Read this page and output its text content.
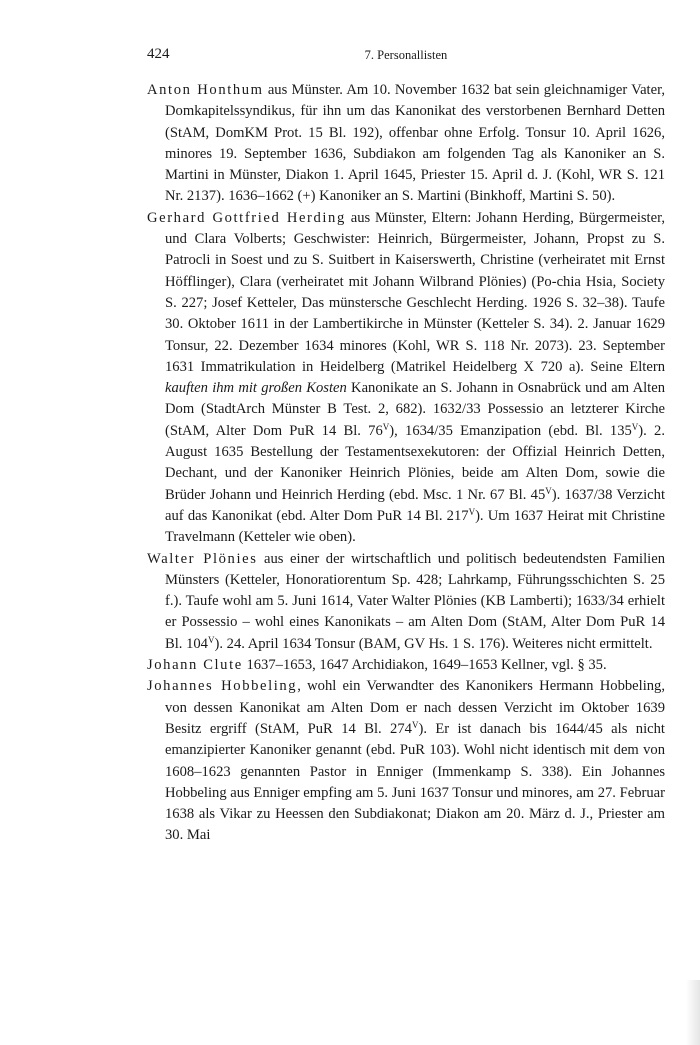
424	7. Personallisten

Anton Honthum aus Münster. Am 10. November 1632 bat sein gleichnamiger Vater, Domkapitelssyndikus, für ihn um das Kanonikat des verstorbenen Bernhard Detten (StAM, DomKM Prot. 15 Bl. 192), offenbar ohne Erfolg. Tonsur 10. April 1626, minores 19. September 1636, Subdiakon am folgenden Tag als Kanoniker an S. Martini in Münster, Diakon 1. April 1645, Priester 15. April d. J. (Kohl, WR S. 121 Nr. 2137). 1636–1662 (+) Kanoniker an S. Martini (Binkhoff, Martini S. 50).

Gerhard Gottfried Herding aus Münster, Eltern: Johann Herding, Bürgermeister, und Clara Volberts; Geschwister: Heinrich, Bürgermeister, Johann, Propst zu S. Patrocli in Soest und zu S. Suitbert in Kaiserswerth, Christine (verheiratet mit Ernst Höfflinger), Clara (verheiratet mit Johann Wilbrand Plönies) (Po-chia Hsia, Society S. 227; Josef Ketteler, Das münstersche Geschlecht Herding. 1926 S. 32–38). Taufe 30. Oktober 1611 in der Lambertikirche in Münster (Ketteler S. 34). 2. Januar 1629 Tonsur, 22. Dezember 1634 minores (Kohl, WR S. 118 Nr. 2073). 23. September 1631 Immatrikulation in Heidelberg (Matrikel Heidelberg X 720 a). Seine Eltern kauften ihm mit großen Kosten Kanonikate an S. Johann in Osnabrück und am Alten Dom (StadtArch Münster B Test. 2, 682). 1632/33 Possessio an letzterer Kirche (StAM, Alter Dom PuR 14 Bl. $76^V$), 1634/35 Emanzipation (ebd. Bl. $135^V$). 2. August 1635 Bestellung der Testamentsexekutoren: der Offizial Heinrich Detten, Dechant, und der Kanoniker Heinrich Plönies, beide am Alten Dom, sowie die Brüder Johann und Heinrich Herding (ebd. Msc. 1 Nr. 67 Bl. $45^V$). 1637/38 Verzicht auf das Kanonikat (ebd. Alter Dom PuR 14 Bl. $217^V$). Um 1637 Heirat mit Christine Travelmann (Ketteler wie oben).

Walter Plönies aus einer der wirtschaftlich und politisch bedeutendsten Familien Münsters (Ketteler, Honoratiorentum Sp. 428; Lahrkamp, Führungsschichten S. 25 f.). Taufe wohl am 5. Juni 1614, Vater Walter Plönies (KB Lamberti); 1633/34 erhielt er Possessio – wohl eines Kanonikats – am Alten Dom (StAM, Alter Dom PuR 14 Bl. $104^V$). 24. April 1634 Tonsur (BAM, GV Hs. 1 S. 176). Weiteres nicht ermittelt.

Johann Clute 1637–1653, 1647 Archidiakon, 1649–1653 Kellner, vgl. § 35.

Johannes Hobbeling, wohl ein Verwandter des Kanonikers Hermann Hobbeling, von dessen Kanonikat am Alten Dom er nach dessen Verzicht im Oktober 1639 Besitz ergriff (StAM, PuR 14 Bl. $274^V$). Er ist danach bis 1644/45 als nicht emanzipierter Kanoniker genannt (ebd. PuR 103). Wohl nicht identisch mit dem von 1608–1623 genannten Pastor in Enniger (Immenkamp S. 338). Ein Johannes Hobbeling aus Enniger empfing am 5. Juni 1637 Tonsur und minores, am 27. Februar 1638 als Vikar zu Heessen den Subdiakonat; Diakon am 20. März d. J., Priester am 30. Mai
